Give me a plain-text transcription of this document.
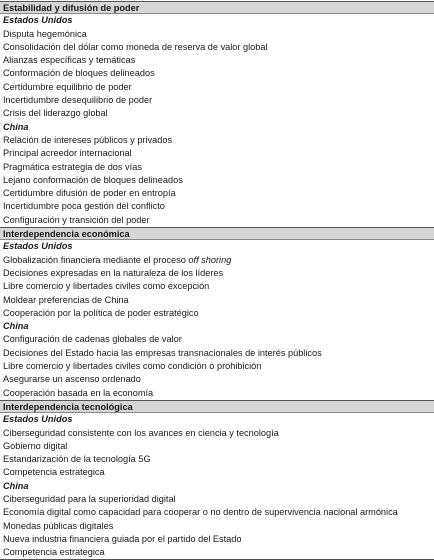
Estabilidad y difusión de poder
Estados Unidos
Disputa hegemónica
Consolidación del dólar como moneda de reserva de valor global
Alianzas específicas y temáticas
Conformación de bloques delineados
Certidumbre equilibrio de poder
Incertidumbre desequilibrio de poder
Crisis del liderazgo global
China
Relación de intereses públicos y privados
Principal acreedor internacional
Pragmática estrategia de dos vías
Lejano conformación de bloques delineados
Certidumbre difusión de poder en entropía
Incertidumbre poca gestión del conflicto
Configuración y transición del poder
Interdependencia económica
Estados Unidos
Globalización financiera mediante el proceso off shoring
Decisiones expresadas en la naturaleza de los líderes
Libre comercio y libertades civiles como excepción
Moldear preferencias de China
Cooperación por la política de poder estratégico
China
Configuración de cadenas globales de valor
Decisiones del Estado hacia las empresas transnacionales de interés públicos
Libre comercio y libertades civiles como condición o prohibición
Asegurarse un ascenso ordenado
Cooperación basada en la economía
Interdependencia tecnológica
Estados Unidos
Ciberseguridad consistente con los avances en ciencia y tecnología
Gobierno digital
Estandarización de la tecnología 5G
Competencia estrategica
China
Ciberseguridad para la superioridad digital
Economía digital como capacidad para cooperar o no dentro de supervivencia nacional armónica
Monedas públicas digitales
Nueva industria financiera guiada por el partido del Estado
Competencia estrategica
